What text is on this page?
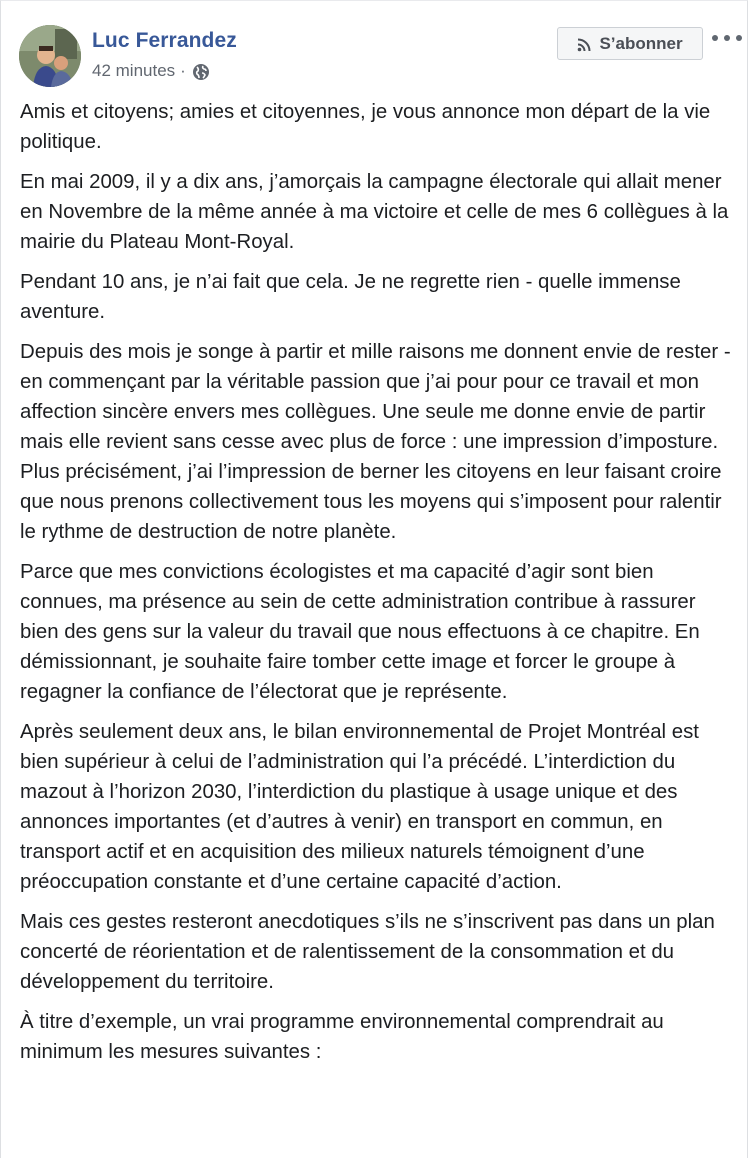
Luc Ferrandez
42 minutes ·
S’abonner

Amis et citoyens; amies et citoyennes, je vous annonce mon départ de la vie politique.

En mai 2009, il y a dix ans, j’amorçais la campagne électorale qui allait mener en Novembre de la même année à ma victoire et celle de mes 6 collègues à la mairie du Plateau Mont-Royal.

Pendant 10 ans, je n’ai fait que cela. Je ne regrette rien - quelle immense aventure.

Depuis des mois je songe à partir et mille raisons me donnent envie de rester - en commençant par la véritable passion que j’ai pour pour ce travail et mon affection sincère envers mes collègues. Une seule me donne envie de partir mais elle revient sans cesse avec plus de force : une impression d’imposture. Plus précisément, j’ai l’impression de berner les citoyens en leur faisant croire que nous prenons collectivement tous les moyens qui s’imposent pour ralentir le rythme de destruction de notre planète.

Parce que mes convictions écologistes et ma capacité d’agir sont bien connues, ma présence au sein de cette administration contribue à rassurer bien des gens sur la valeur du travail que nous effectuons à ce chapitre. En démissionnant, je souhaite faire tomber cette image et forcer le groupe à regagner la confiance de l’électorat que je représente.

Après seulement deux ans, le bilan environnemental de Projet Montréal est bien supérieur à celui de l’administration qui l’a précédé. L’interdiction du mazout à l’horizon 2030, l’interdiction du plastique à usage unique et des annonces importantes (et d’autres à venir) en transport en commun, en transport actif et en acquisition des milieux naturels témoignent d’une préoccupation constante et d’une certaine capacité d’action.

Mais ces gestes resteront anecdotiques s’ils ne s’inscrivent pas dans un plan concerté de réorientation et de ralentissement de la consommation et du développement du territoire.

À titre d’exemple, un vrai programme environnemental comprendrait au minimum les mesures suivantes :
